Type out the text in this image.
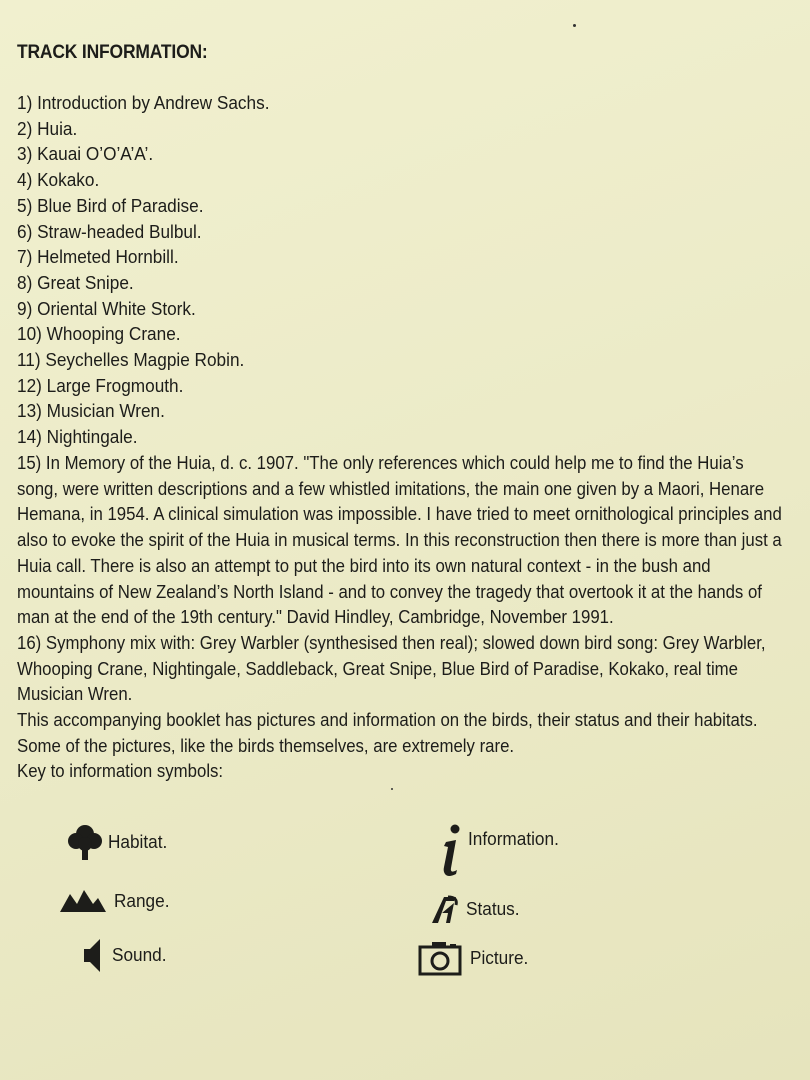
TRACK INFORMATION:
1) Introduction by Andrew Sachs.
2) Huia.
3) Kauai O’O’A’A’.
4) Kokako.
5) Blue Bird of Paradise.
6) Straw-headed Bulbul.
7) Helmeted Hornbill.
8) Great Snipe.
9) Oriental White Stork.
10) Whooping Crane.
11) Seychelles Magpie Robin.
12) Large Frogmouth.
13) Musician Wren.
14) Nightingale.

15) In Memory of the Huia, d. c. 1907. "The only references which could help me to find the Huia’s song, were written descriptions and a few whistled imitations, the main one given by a Maori, Henare Hemana, in 1954. A clinical simulation was impossible. I have tried to meet ornithological principles and also to evoke the spirit of the Huia in musical terms. In this reconstruction then there is more than just a Huia call. There is also an attempt to put the bird into its own natural context - in the bush and mountains of New Zealand’s North Island - and to convey the tragedy that overtook it at the hands of man at the end of the 19th century." David Hindley, Cambridge, November 1991.

16) Symphony mix with: Grey Warbler (synthesised then real); slowed down bird song: Grey Warbler, Whooping Crane, Nightingale, Saddleback, Great Snipe, Blue Bird of Paradise, Kokako, real time Musician Wren.

This accompanying booklet has pictures and information on the birds, their status and their habitats. Some of the pictures, like the birds themselves, are extremely rare.

Key to information symbols:

Habitat.
Range.
Sound.
Information.
Status.
Picture.
